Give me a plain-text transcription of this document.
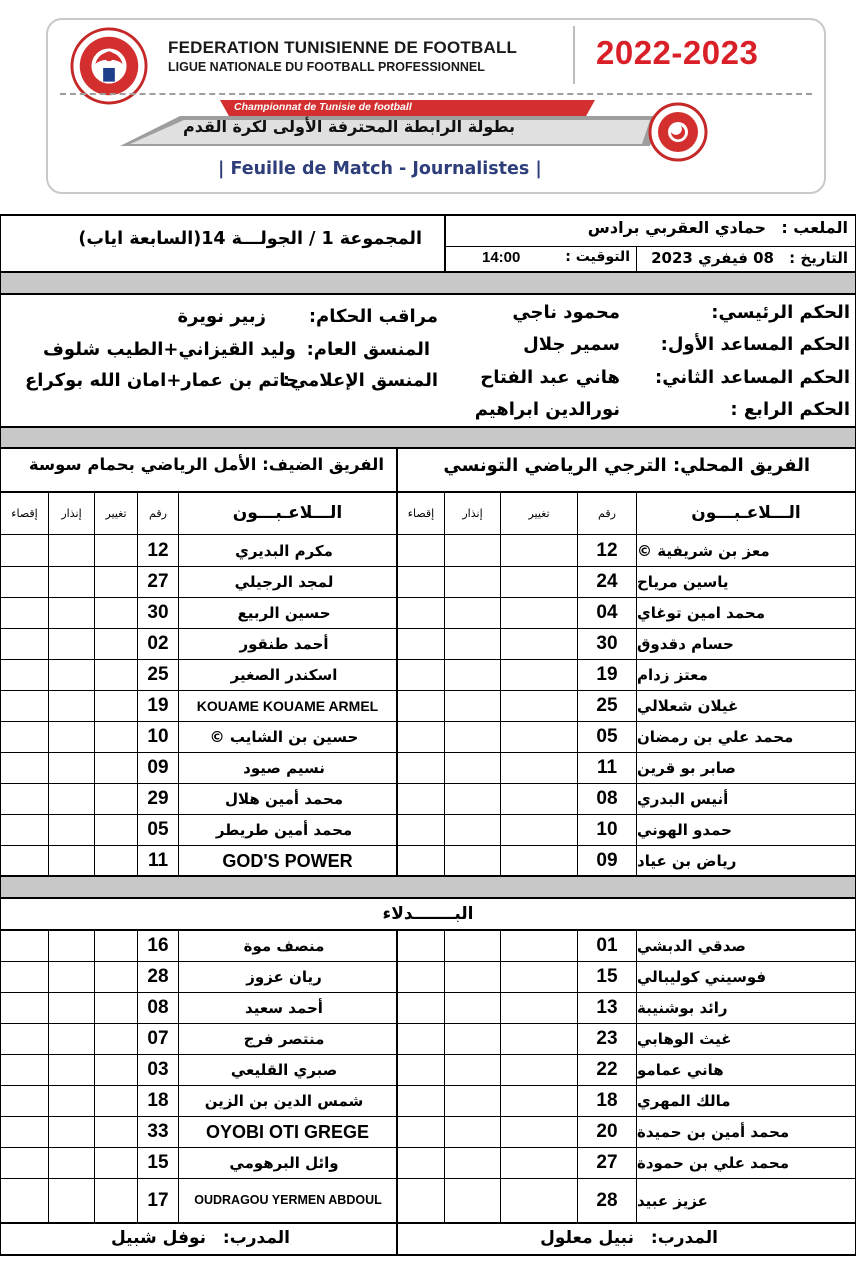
FEDERATION TUNISIENNE DE FOOTBALL
LIGUE NATIONALE DU FOOTBALL PROFESSIONNEL	2022-2023
Championnat de Tunisie de football
بطولة الرابطة المحترفة الأولى لكرة القدم
| Feuille de Match - Journalistes |
الملعب :
حمادي العقربي برادس
التاريخ :
08 فيفري 2023
التوقيت :
14:00
المجموعة 1 / الجولـــة 14(السابعة اياب)
الحكم الرئيسي:
محمود ناجي
الحكم المساعد الأول:
سمير جلال
الحكم المساعد الثاني:
هاني عبد الفتاح
الحكم الرابع :
نورالدين ابراهيم
مراقب الحكام:
زبير نويرة
المنسق العام:
وليد القيزاني+الطيب شلوف
المنسق الإعلامي:
حاتم بن عمار+امان الله بوكراع
الفريق المحلي: الترجي الرياضي التونسي
الفريق الضيف: الأمل الرياضي بحمام سوسة
الـــلاعـبـــون
رقم
تغيير
إنذار
إقصاء
الـــلاعـبـــون
رقم
تغيير
إنذار
إقصاء
معز بن شريفية ©
12
ياسين مرياح
24
محمد امين توغاي
04
حسام دقدوق
30
معتز زدام
19
غيلان شعلالي
25
محمد علي بن رمضان
05
صابر بو قرين
11
أنيس البدري
08
حمدو الهوني
10
رياض بن عياد
09
مكرم البديري
12
لمجد الرجيلي
27
حسين الربيع
30
أحمد طنقور
02
اسكندر الصغير
25
KOUAME KOUAME ARMEL
19
حسين بن الشايب ©
10
نسيم صيود
09
محمد أمين هلال
29
محمد أمين طريطر
05
GOD'S POWER
11
البـــــــدلاء
صدقي الدبشي
01
فوسيني كوليبالي
15
رائد بوشنيبة
13
غيث الوهابي
23
هاني عمامو
22
مالك المهري
18
محمد أمين بن حميدة
20
محمد علي بن حمودة
27
عزيز عبيد
28
منصف موة
16
ريان عزوز
28
أحمد سعيد
08
منتصر فرج
07
صبري القليعي
03
شمس الدين بن الزين
18
OYOBI OTI GREGE
33
وائل البرهومي
15
OUDRAGOU YERMEN ABDOUL
17
المدرب:
نبيل معلول
المدرب:
نوفل شبيل
